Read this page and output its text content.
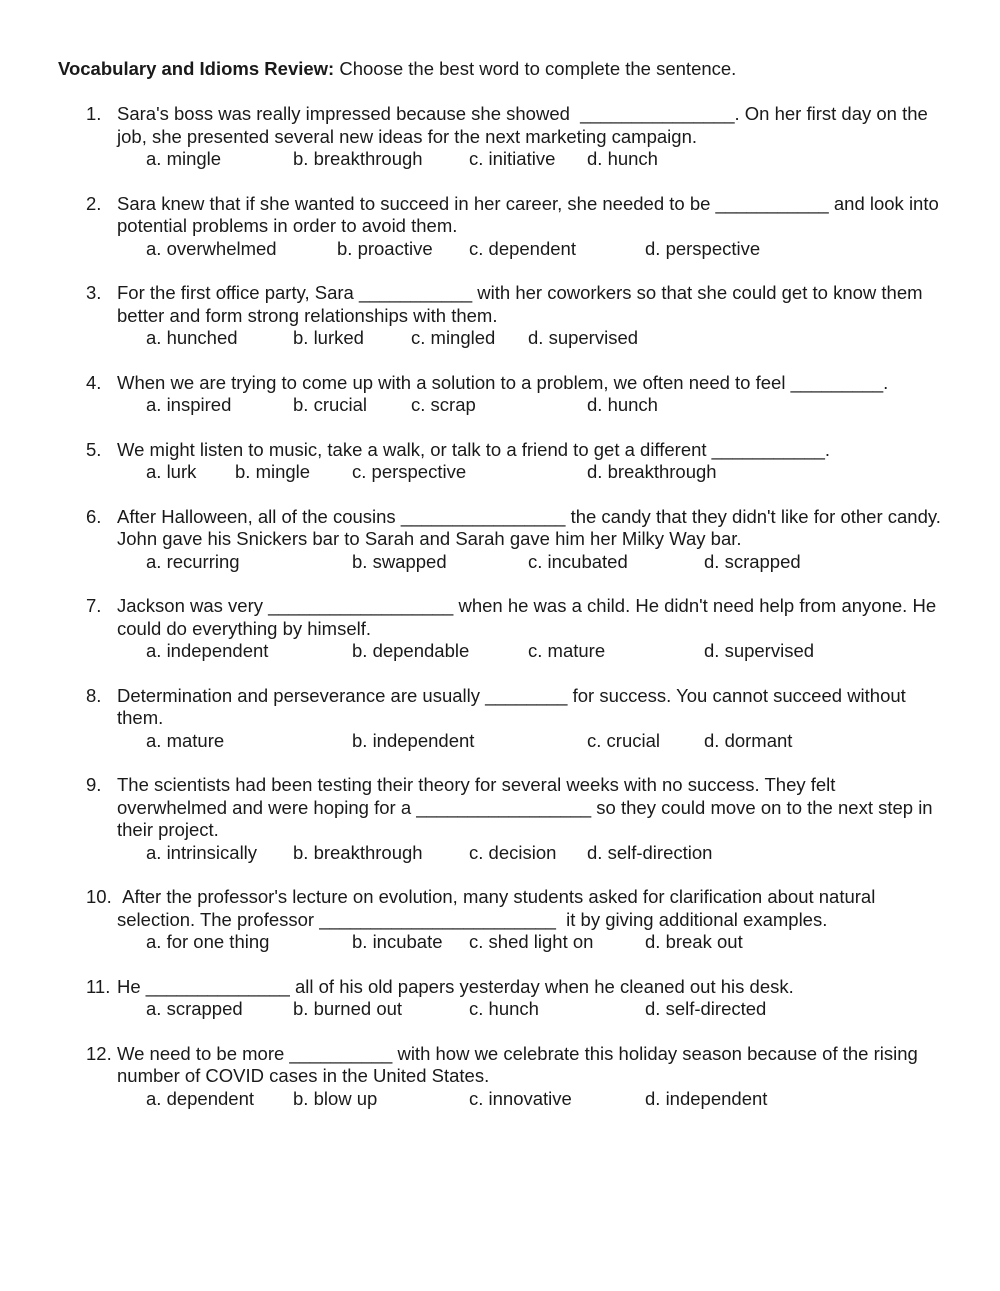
Vocabulary and Idioms Review: Choose the best word to complete the sentence.
1. Sara's boss was really impressed because she showed  _______________. On her first day on the job, she presented several new ideas for the next marketing campaign.
a. mingle	b. breakthrough	c. initiative d. hunch
2. Sara knew that if she wanted to succeed in her career, she needed to be ___________ and look into potential problems in order to avoid them.
a. overwhelmed	b. proactive c. dependent	d. perspective
3. For the first office party, Sara ___________ with her coworkers so that she could get to know them better and form strong relationships with them.
a. hunched	b. lurked	c. mingled d. supervised
4. When we are trying to come up with a solution to a problem, we often need to feel _________.
a. inspired	b. crucial c. scrap	d. hunch
5. We might listen to music, take a walk, or talk to a friend to get a different ___________.
a. lurk b. mingle c. perspective	d. breakthrough
6. After Halloween, all of the cousins ________________ the candy that they didn't like for other candy. John gave his Snickers bar to Sarah and Sarah gave him her Milky Way bar.
a. recurring	b. swapped	c. incubated	d. scrapped
7. Jackson was very __________________ when he was a child. He didn't need help from anyone. He could do everything by himself.
a. independent	b. dependable	c. mature	d. supervised
8. Determination and perseverance are usually ________ for success. You cannot succeed without them.
a. mature	b. independent	c. crucial d. dormant
9. The scientists had been testing their theory for several weeks with no success. They felt overwhelmed and were hoping for a _________________ so they could move on to the next step in their project.
a. intrinsically b. breakthrough	c. decision d. self-direction
10. After the professor's lecture on evolution, many students asked for clarification about natural selection. The professor _______________________  it by giving additional examples.
a. for one thing	b. incubate c. shed light on	d. break out
11. He ______________ all of his old papers yesterday when he cleaned out his desk.
a. scrapped	b. burned out	c. hunch	d. self-directed
12. We need to be more __________ with how we celebrate this holiday season because of the rising number of COVID cases in the United States.
a. dependent b. blow up	c. innovative	d. independent
